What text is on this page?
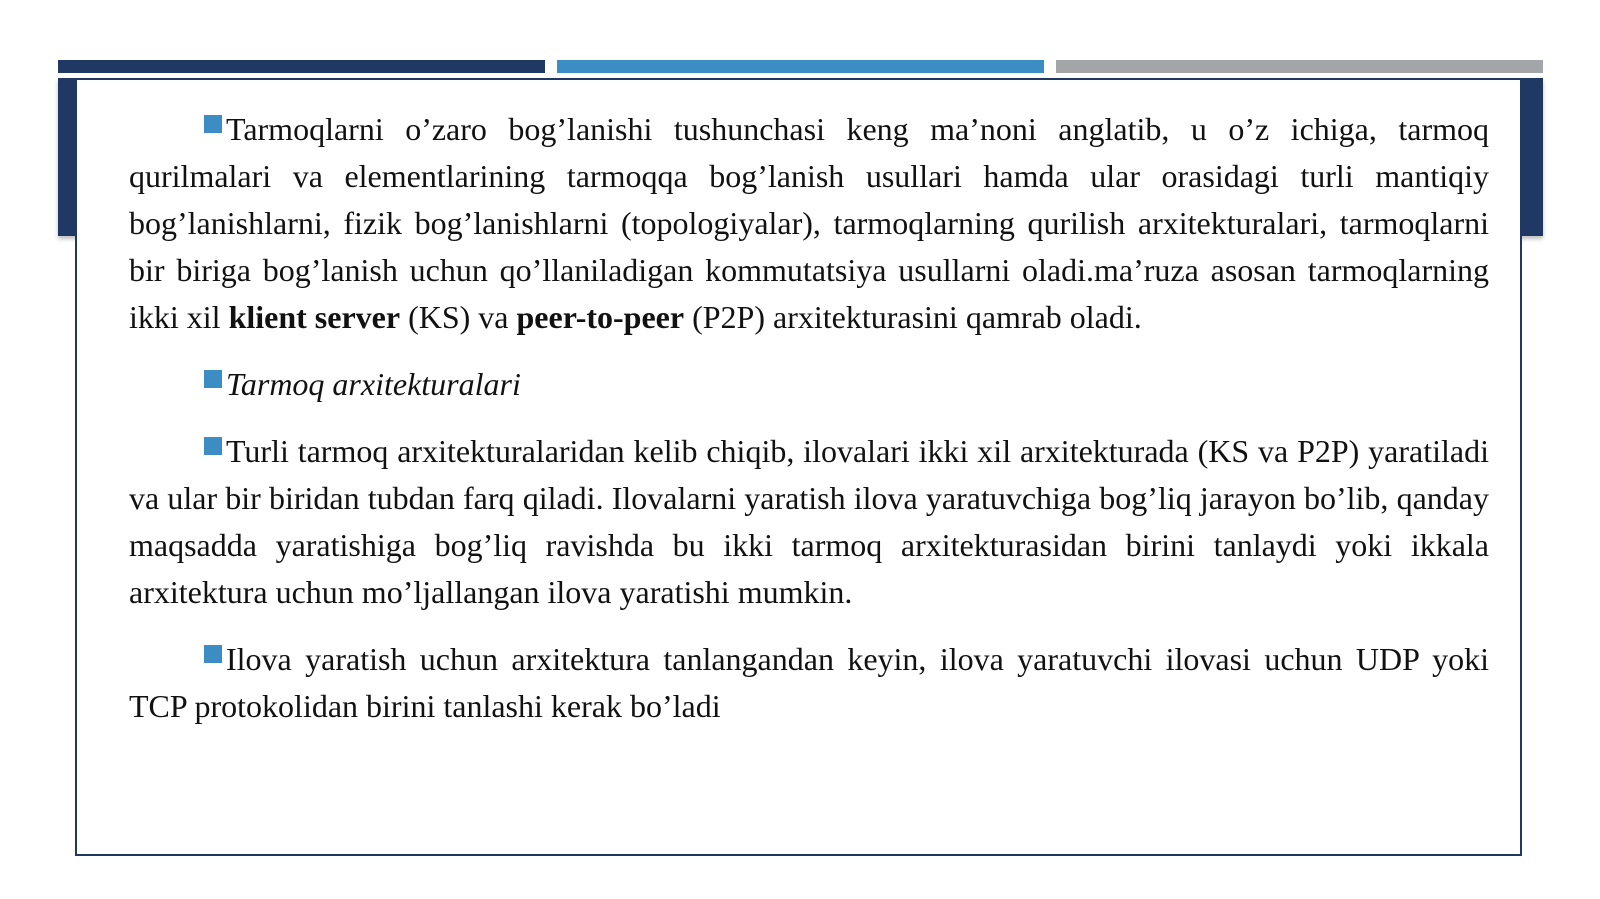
Tarmoqlarni o’zaro bog’lanishi tushunchasi keng ma’noni anglatib, u o’z ichiga, tarmoq qurilmalari va elementlarining tarmoqqa bog’lanish usullari hamda ular orasidagi turli mantiqiy bog’lanishlarni, fizik bog’lanishlarni (topologiyalar), tarmoqlarning qurilish arxitekturalari, tarmoqlarni bir biriga bog’lanish uchun qo’llaniladigan kommutatsiya usullarni oladi.ma’ruza asosan tarmoqlarning ikki xil klient server (KS) va peer-to-peer (P2P) arxitekturasini qamrab oladi.

Tarmoq arxitekturalari

Turli tarmoq arxitekturalaridan kelib chiqib, ilovalari ikki xil arxitekturada (KS va P2P) yaratiladi va ular bir biridan tubdan farq qiladi. Ilovalarni yaratish ilova yaratuvchiga bog’liq jarayon bo’lib, qanday maqsadda yaratishiga bog’liq ravishda bu ikki tarmoq arxitekturasidan birini tanlaydi yoki ikkala arxitektura uchun mo’ljallangan ilova yaratishi mumkin.

Ilova yaratish uchun arxitektura tanlangandan keyin, ilova yaratuvchi ilovasi uchun UDP yoki TCP protokolidan birini tanlashi kerak bo’ladi
